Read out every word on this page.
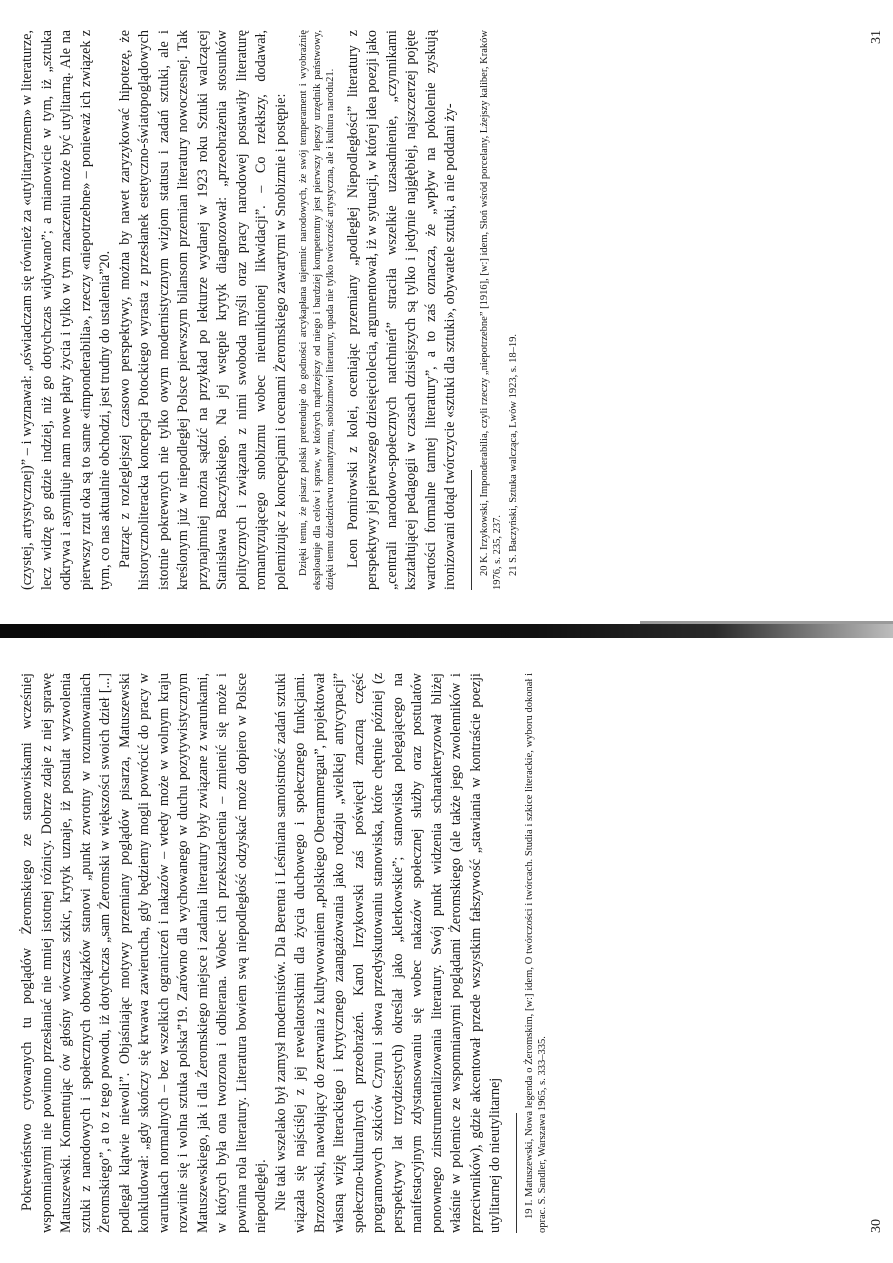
(czystej, artystycznej)” – i wyznawał: „oświadczam się również za «utylitaryzmem» w literaturze, lecz widzę go gdzie indziej, niż go dotychczas widywano”; a mianowicie w tym, iż „sztuka odkrywa i asymiluje nam nowe płaty życia i tylko w tym znaczeniu może być utylitarną. Ale na pierwszy rzut oka są to same «imponderabilia», rzeczy «niepotrzebne» – ponieważ ich związek z tym, co nas aktualnie obchodzi, jest trudny do ustalenia”20. Patrząc z rozleglejszej czasowo perspektywy, można by nawet zaryzykować hipotezę, że historycznoliteracka koncepcja Potockiego wyrasta z przesłanek estetyczno-światopoglądowych istotnie pokrewnych nie tylko owym modernistycznym wizjom statusu i zadań sztuki, ale i kreślonym już w niepodległej Polsce pierwszym bilansom przemian literatury nowoczesnej. Tak przynajmniej można sądzić na przykład po lekturze wydanej w 1923 roku Sztuki walczącej Stanisława Baczyńskiego. Na jej wstępie krytyk diagnozował: „przeobrażenia stosunków politycznych i związana z nimi swoboda myśli oraz pracy narodowej postawiły literaturę romantyzującego snobizmu wobec nieuniknionej likwidacji”. – Co rzekłszy, dodawał, polemizując z koncepcjami i ocenami Żeromskiego zawartymi w Snobizmie i postępie: Dzięki temu, że pisarz polski pretenduje do godności arcykapłana tajemnic narodowych, że swój temperament i wyobraźnię eksploatuje dla celów i spraw, w których mądrzejszy od niego i bardziej kompetentny jest pierwszy lepszy urzędnik państwowy, dzięki temu dziedzictwu romantyzmu, snobizmowi literatury, upada nie tylko twórczość artystyczna, ale i kultura narodu21. Leon Pomirowski z kolei, oceniając przemiany „podległej Niepodległości” literatury z perspektywy jej pierwszego dziesięciolecia, argumentował, iż w sytuacji, w której idea poezji jako „centrali narodowo-społecznych natchnień” straciła wszelkie uzasadnienie, „czynnikami kształtującej pedagogii w czasach dzisiejszych są tylko i jedynie najgłębiej, najszczerzej pojęte wartości formalne tamtej literatury”, a to zaś oznacza, że „wpływ na pokolenie zyskują ironizowani dotąd twórczycie «sztuki dla sztuki», obywatele sztuki, a nie poddani ży- 20 K. Irzykowski, Imponderabilia, czyli rzeczy „niepotrzebne” [1916], [w:] idem, Słoń wśród porcelany, Lżejszy kaliber, Kraków 1976, s. 235, 237. 21 S. Baczyński, Sztuka walcząca, Lwów 1923, s. 18–19.

31

Pokrewieństwo cytowanych tu poglądów Żeromskiego ze stanowiskami wcześniej wspomnianymi nie powinno przesłaniać nie mniej istotnej różnicy. Dobrze zdaje z niej sprawę Matuszewski. Komentując ów głośny wówczas szkic, krytyk uznaje, iż postulat wyzwolenia sztuki z narodowych i społecznych obowiązków stanowi „punkt zwrotny w rozumowaniach Żeromskiego”, a to z tego powodu, iż dotychczas „sam Żeromski w większości swoich dzieł [...] podlegał klątwie niewoli”. Objaśniając motywy przemiany poglądów pisarza, Matuszewski konkludował: „gdy skończy się krwawa zawierucha, gdy będziemy mogli powrócić do pracy w warunkach normalnych – bez wszelkich ograniczeń i nakazów – wtedy może w wolnym kraju rozwinie się i wolna sztuka polska”19. Zarówno dla wychowanego w duchu pozytywistycznym Matuszewskiego, jak i dla Żeromskiego miejsce i zadania literatury były związane z warunkami, w których była ona tworzona i odbierana. Wobec ich przekształcenia – zmienić się może i powinna rola literatury. Literatura bowiem swą niepodległość odzyskać może dopiero w Polsce niepodległej. Nie taki wszelako był zamysł modernistów. Dla Berenta i Leśmiana samoistność zadań sztuki wiązała się najściślej z jej rewelatorskimi dla życia duchowego i społecznego funkcjami. Brzozowski, nawołujący do zerwania z kultywowaniem „polskiego Oberammergau”, projektował własną wizję literackiego i krytycznego zaangażowania jako rodzaju „wielkiej antycypacji” społeczno-kulturalnych przeobrażeń. Karol Irzykowski zaś poświęcił znaczną część programowych szkiców Czynu i słowa przedyskutowaniu stanowiska, które chętnie później (z perspektywy lat trzydziestych) określał jako „klerkowskie”; stanowiska polegającego na manifestacyjnym zdystansowaniu się wobec nakazów społecznej służby oraz postulatów ponownego zinstrumentalizowania literatury. Swój punkt widzenia scharakteryzował bliżej właśnie w polemice ze wspomnianymi poglądami Żeromskiego (ale także jego zwolenników i przeciwników), gdzie akcentował przede wszystkim fałszywość „stawiania w kontraście poezji utylitarnej do nieutylitarnej 19 I. Matuszewski, Nowa legenda o Żeromskim, [w:] idem, O twórczości i twórcach. Studia i szkice literackie, wyboru dokonał i oprac. S. Sandler, Warszawa 1965, s. 333–335.	30
